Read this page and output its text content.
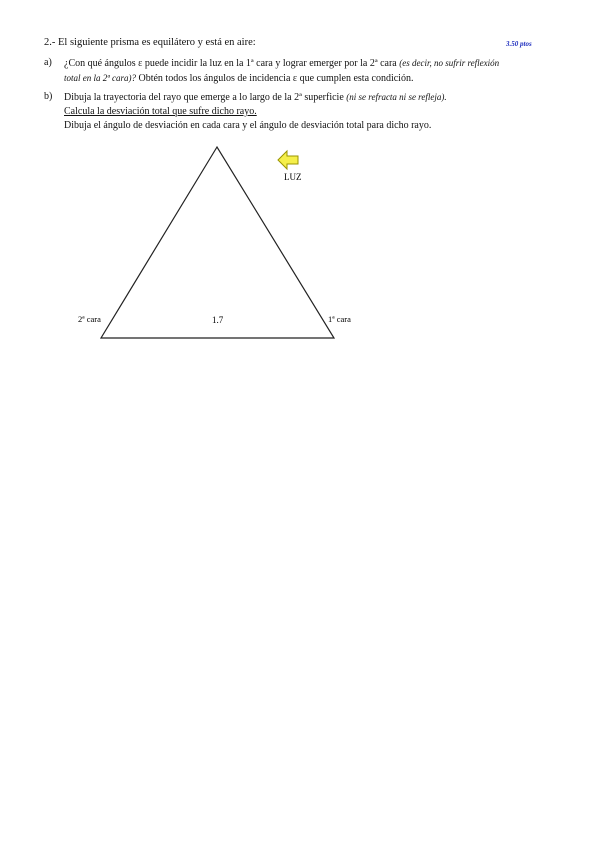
2.- El siguiente prisma es equilátero y está en aire:	3.50 ptos
a)	¿Con qué ángulos ε puede incidir la luz en la 1ª cara y lograr emerger por la 2ª cara (es decir, no sufrir reflexión
total en la 2ª cara)? Obtén todos los ángulos de incidencia ε que cumplen esta condición.
b)	Dibuja la trayectoria del rayo que emerge a lo largo de la 2ª superficie (ni se refracta ni se refleja).
Calcula la desviación total que sufre dicho rayo.
Dibuja el ángulo de desviación en cada cara y el ángulo de desviación total para dicho rayo.
LUZ
2ª cara	1ª cara
1.7
